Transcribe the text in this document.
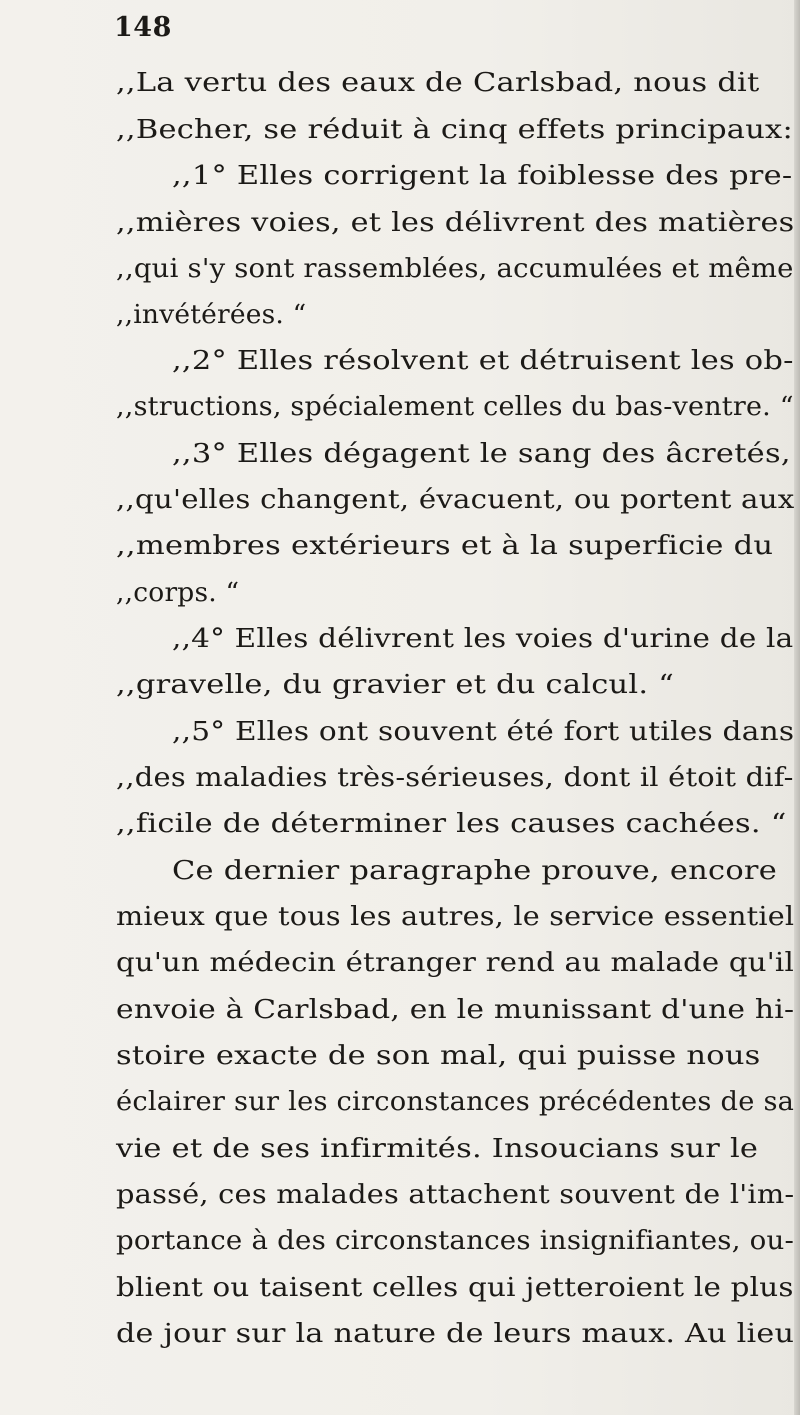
148
,,La vertu des eaux de Carlsbad, nous dit
,,Becher, se réduit à cinq effets principaux:
,,1° Elles corrigent la foiblesse des pre-
,,mières voies, et les délivrent des matières
,,qui s'y sont rassemblées, accumulées et même
,,invétérées. “
,,2° Elles résolvent et détruisent les ob-
,,structions, spécialement celles du bas-ventre. “
,,3° Elles dégagent le sang des âcretés,
,,qu'elles changent, évacuent, ou portent aux
,,membres extérieurs et à la superficie du
,,corps. “
,,4° Elles délivrent les voies d'urine de la
,,gravelle, du gravier et du calcul. “
,,5° Elles ont souvent été fort utiles dans
,,des maladies très-sérieuses, dont il étoit dif-
,,ficile de déterminer les causes cachées. “
Ce dernier paragraphe prouve, encore
mieux que tous les autres, le service essentiel
qu'un médecin étranger rend au malade qu'il
envoie à Carlsbad, en le munissant d'une hi-
stoire exacte de son mal, qui puisse nous
éclairer sur les circonstances précédentes de sa
vie et de ses infirmités. Insoucians sur le
passé, ces malades attachent souvent de l'im-
portance à des circonstances insignifiantes, ou-
blient ou taisent celles qui jetteroient le plus
de jour sur la nature de leurs maux. Au lieu
